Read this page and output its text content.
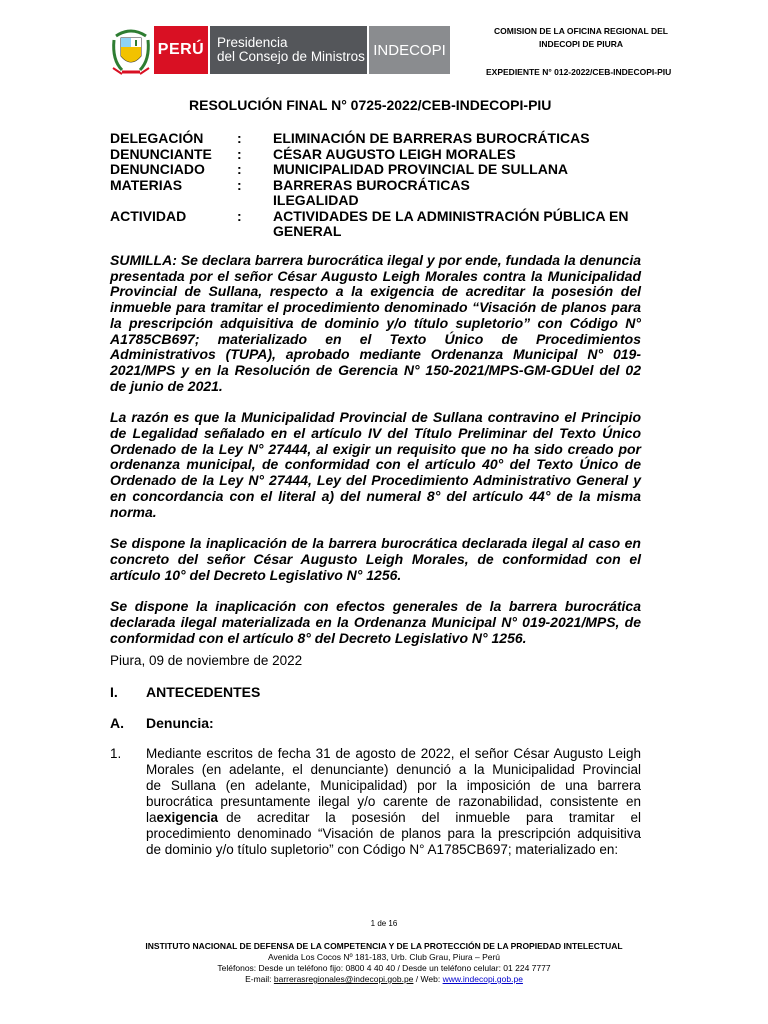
PERÚ Presidencia
del Consejo de Ministros INDECOPI
COMISION DE LA OFICINA REGIONAL DEL
INDECOPI DE PIURA
EXPEDIENTE N° 012-2022/CEB-INDECOPI-PIU
RESOLUCIÓN FINAL N° 0725-2022/CEB-INDECOPI-PIU
DELEGACIÓN	:	ELIMINACIÓN DE BARRERAS BUROCRÁTICAS
DENUNCIANTE	:	CÉSAR AUGUSTO LEIGH MORALES
DENUNCIADO	:	MUNICIPALIDAD PROVINCIAL DE SULLANA
MATERIAS	:	BARRERAS BUROCRÁTICAS
ILEGALIDAD
ACTIVIDAD	:	ACTIVIDADES DE LA ADMINISTRACIÓN PÚBLICA EN
GENERAL

SUMILLA: Se declara barrera burocrática ilegal y por ende, fundada la denuncia
presentada por el señor César Augusto Leigh Morales contra la Municipalidad
Provincial de Sullana, respecto a la exigencia de acreditar la posesión del
inmueble para tramitar el procedimiento denominado “Visación de planos para
la prescripción adquisitiva de dominio y/o título supletorio” con Código N°
A1785CB697; materializado en el Texto Único de Procedimientos
Administrativos (TUPA), aprobado mediante Ordenanza Municipal N° 019-
2021/MPS y en la Resolución de Gerencia N° 150-2021/MPS-GM-GDUel del 02
de junio de 2021.

La razón es que la Municipalidad Provincial de Sullana contravino el Principio
de Legalidad señalado en el artículo IV del Título Preliminar del Texto Único
Ordenado de la Ley N° 27444, al exigir un requisito que no ha sido creado por
ordenanza municipal, de conformidad con el artículo 40° del Texto Único de
Ordenado de la Ley N° 27444, Ley del Procedimiento Administrativo General y
en concordancia con el literal a) del numeral 8° del artículo 44° de la misma
norma.

Se dispone la inaplicación de la barrera burocrática declarada ilegal al caso en
concreto del señor César Augusto Leigh Morales, de conformidad con el
artículo 10° del Decreto Legislativo N° 1256.

Se dispone la inaplicación con efectos generales de la barrera burocrática
declarada ilegal materializada en la Ordenanza Municipal N° 019-2021/MPS, de
conformidad con el artículo 8° del Decreto Legislativo N° 1256.

Piura, 09 de noviembre de 2022
I. ANTECEDENTES
A. Denuncia:
1.	Mediante escritos de fecha 31 de agosto de 2022, el señor César Augusto Leigh
Morales (en adelante, el denunciante) denunció a la Municipalidad Provincial
de Sullana (en adelante, Municipalidad) por la imposición de una barrera
burocrática presuntamente ilegal y/o carente de razonabilidad, consistente en
la exigencia de acreditar la posesión del inmueble para tramitar el
procedimiento denominado “Visación de planos para la prescripción adquisitiva
de dominio y/o título supletorio” con Código N° A1785CB697; materializado en:
1 de 16
INSTITUTO NACIONAL DE DEFENSA DE LA COMPETENCIA Y DE LA PROTECCIÓN DE LA PROPIEDAD INTELECTUAL
Avenida Los Cocos Nº 181-183, Urb. Club Grau, Piura – Perú
Teléfonos: Desde un teléfono fijo: 0800 4 40 40 / Desde un teléfono celular: 01 224 7777
E-mail: barrerasregionales@indecopi.gob.pe / Web: www.indecopi.gob.pe
